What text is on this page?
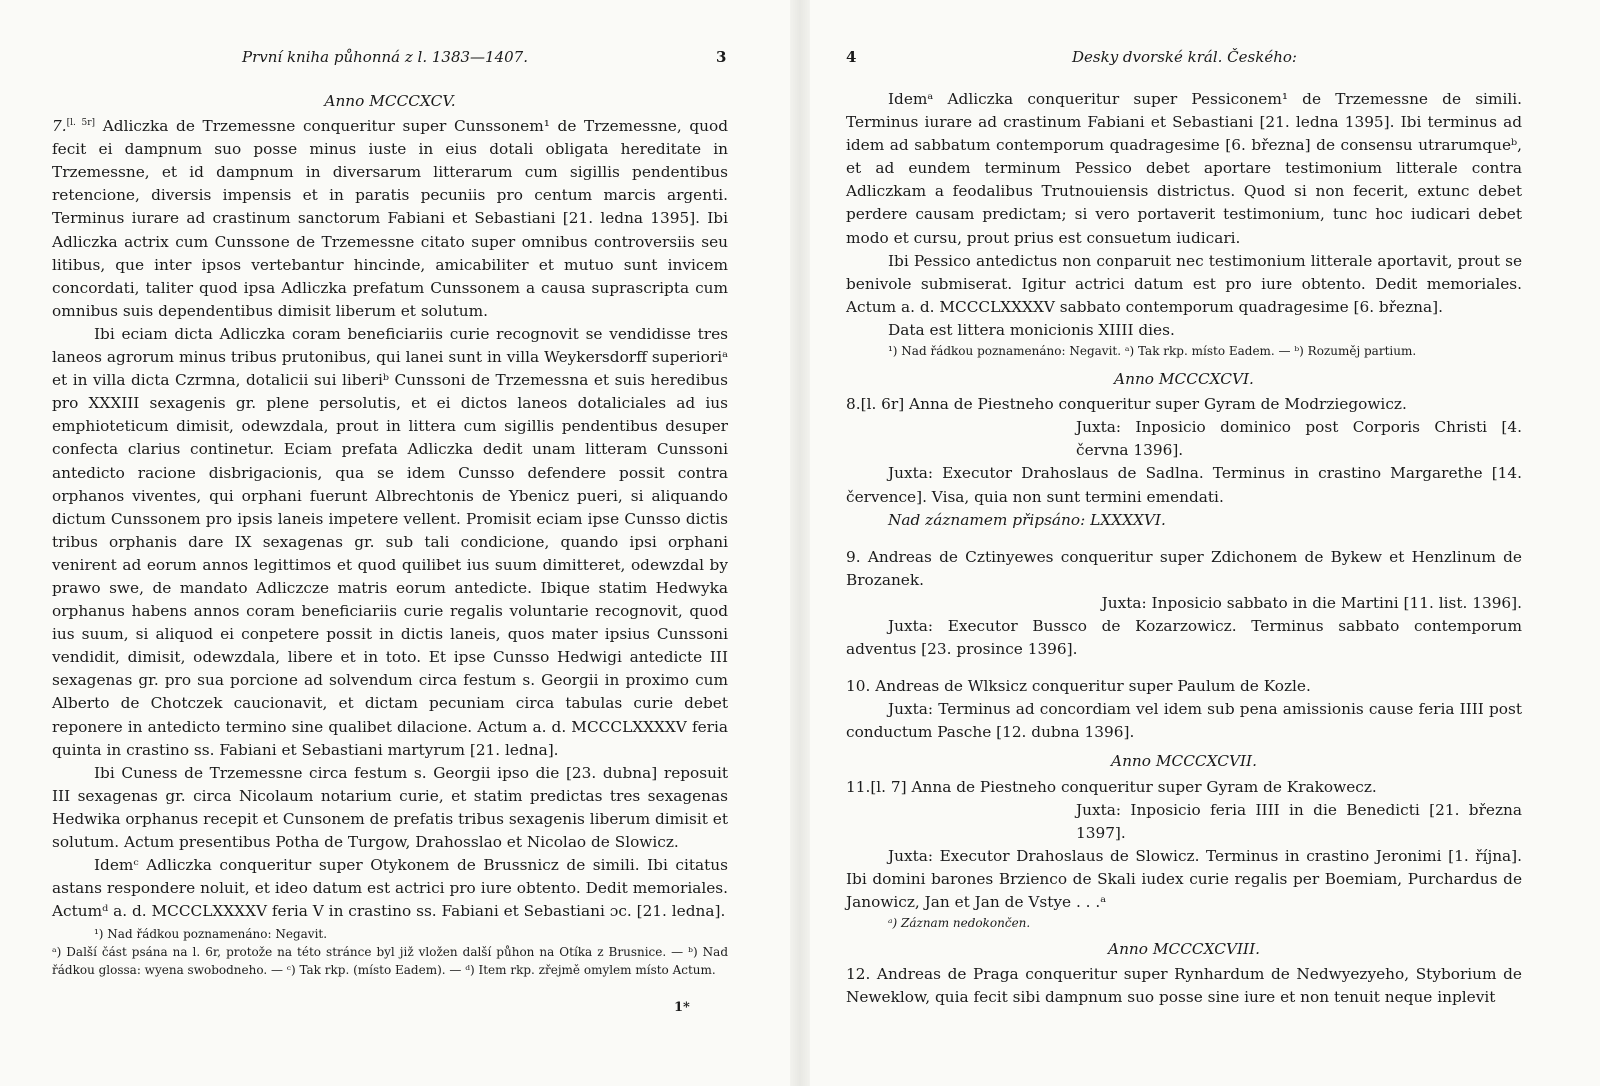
První kniha půhonná z l. 1383—1407.	3
Anno MCCCXCV.

7.[l. 5r] Adliczka de Trzemessne conqueritur super Cunssonem¹ de Trzemessne, quod fecit ei dampnum suo posse minus iuste in eius dotali obligata hereditate in Trzemessne, et id dampnum in diversarum litterarum cum sigillis pendentibus retencione, diversis impensis et in paratis pecuniis pro centum marcis argenti. Terminus iurare ad crastinum sanctorum Fabiani et Sebastiani [21. ledna 1395]. Ibi Adliczka actrix cum Cunssone de Trzemessne citato super omnibus controversiis seu litibus, que inter ipsos vertebantur hincinde, amicabiliter et mutuo sunt invicem concordati, taliter quod ipsa Adliczka prefatum Cunssonem a causa suprascripta cum omnibus suis dependentibus dimisit liberum et solutum.

Ibi eciam dicta Adliczka coram beneficiariis curie recognovit se vendidisse tres laneos agrorum minus tribus prutonibus, qui lanei sunt in villa Weykersdorff superioriᵃ et in villa dicta Czrmna, dotalicii sui liberiᵇ Cunssoni de Trzemessna et suis heredibus pro XXXIII sexagenis gr. plene persolutis, et ei dictos laneos dotaliciales ad ius emphioteticum dimisit, odewzdala, prout in littera cum sigillis pendentibus desuper confecta clarius continetur. Eciam prefata Adliczka dedit unam litteram Cunssoni antedicto racione disbrigacionis, qua se idem Cunsso defendere possit contra orphanos viventes, qui orphani fuerunt Albrechtonis de Ybenicz pueri, si aliquando dictum Cunssonem pro ipsis laneis impetere vellent. Promisit eciam ipse Cunsso dictis tribus orphanis dare IX sexagenas gr. sub tali condicione, quando ipsi orphani venirent ad eorum annos legittimos et quod quilibet ius suum dimitteret, odewzdal by prawo swe, de mandato Adliczcze matris eorum antedicte. Ibique statim Hedwyka orphanus habens annos coram beneficiariis curie regalis voluntarie recognovit, quod ius suum, si aliquod ei conpetere possit in dictis laneis, quos mater ipsius Cunssoni vendidit, dimisit, odewzdala, libere et in toto. Et ipse Cunsso Hedwigi antedicte III sexagenas gr. pro sua porcione ad solvendum circa festum s. Georgii in proximo cum Alberto de Chotczek caucionavit, et dictam pecuniam circa tabulas curie debet reponere in antedicto termino sine qualibet dilacione. Actum a. d. MCCCLXXXXV feria quinta in crastino ss. Fabiani et Sebastiani martyrum [21. ledna].

Ibi Cuness de Trzemessne circa festum s. Georgii ipso die [23. dubna] reposuit III sexagenas gr. circa Nicolaum notarium curie, et statim predictas tres sexagenas Hedwika orphanus recepit et Cunsonem de prefatis tribus sexagenis liberum dimisit et solutum. Actum presentibus Potha de Turgow, Drahosslao et Nicolao de Slowicz.

Idemᶜ Adliczka conqueritur super Otykonem de Brussnicz de simili. Ibi citatus astans respondere noluit, et ideo datum est actrici pro iure obtento. Dedit memoriales. Actumᵈ a. d. MCCCLXXXXV feria V in crastino ss. Fabiani et Sebastiani ɔc. [21. ledna].

¹) Nad řádkou poznamenáno: Negavit.
ᵃ) Další část psána na l. 6r, protože na této stránce byl již vložen další půhon na Otíka z Brusnice. — ᵇ) Nad řádkou glossa: wyena swobodneho. — ᶜ) Tak rkp. (místo Eadem). — ᵈ) Item rkp. zřejmě omylem místo Actum.
1*
4	Desky dvorské král. Českého:

Idemᵃ Adliczka conqueritur super Pessiconem¹ de Trzemessne de simili. Terminus iurare ad crastinum Fabiani et Sebastiani [21. ledna 1395]. Ibi terminus ad idem ad sabbatum contemporum quadragesime [6. března] de consensu utrarumqueᵇ, et ad eundem terminum Pessico debet aportare testimonium litterale contra Adliczkam a feodalibus Trutnouiensis districtus. Quod si non fecerit, extunc debet perdere causam predictam; si vero portaverit testimonium, tunc hoc iudicari debet modo et cursu, prout prius est consuetum iudicari.

Ibi Pessico antedictus non conparuit nec testimonium litterale aportavit, prout se benivole submiserat. Igitur actrici datum est pro iure obtento. Dedit memoriales. Actum a. d. MCCCLXXXXV sabbato contemporum quadragesime [6. března].

Data est littera monicionis XIIII dies.

¹) Nad řádkou poznamenáno: Negavit. ᵃ) Tak rkp. místo Eadem. — ᵇ) Rozuměj partium.
Anno MCCCXCVI.

8.[l. 6r] Anna de Piestneho conqueritur super Gyram de Modrziegowicz.

Juxta: Inposicio dominico post Corporis Christi [4. června 1396].

Juxta: Executor Drahoslaus de Sadlna. Terminus in crastino Margarethe [14. července]. Visa, quia non sunt termini emendati.

Nad záznamem připsáno: LXXXXVI.

9. Andreas de Cztinyewes conqueritur super Zdichonem de Bykew et Henzlinum de Brozanek.

Juxta: Inposicio sabbato in die Martini [11. list. 1396].

Juxta: Executor Bussco de Kozarzowicz. Terminus sabbato contemporum adventus [23. prosince 1396].

10. Andreas de Wlksicz conqueritur super Paulum de Kozle.

Juxta: Terminus ad concordiam vel idem sub pena amissionis cause feria IIII post conductum Pasche [12. dubna 1396].

Anno MCCCXCVII.

11.[l. 7] Anna de Piestneho conqueritur super Gyram de Krakowecz.

Juxta: Inposicio feria IIII in die Benedicti [21. března 1397].

Juxta: Executor Drahoslaus de Slowicz. Terminus in crastino Jeronimi [1. října]. Ibi domini barones Brzienco de Skali iudex curie regalis per Boemiam, Purchardus de Janowicz, Jan et Jan de Vstye . . .ᵃ

ᵃ) Záznam nedokončen.
Anno MCCCXCVIII.

12. Andreas de Praga conqueritur super Rynhardum de Nedwyezyeho, Styborium de Neweklow, quia fecit sibi dampnum suo posse sine iure et non tenuit neque inplevit
